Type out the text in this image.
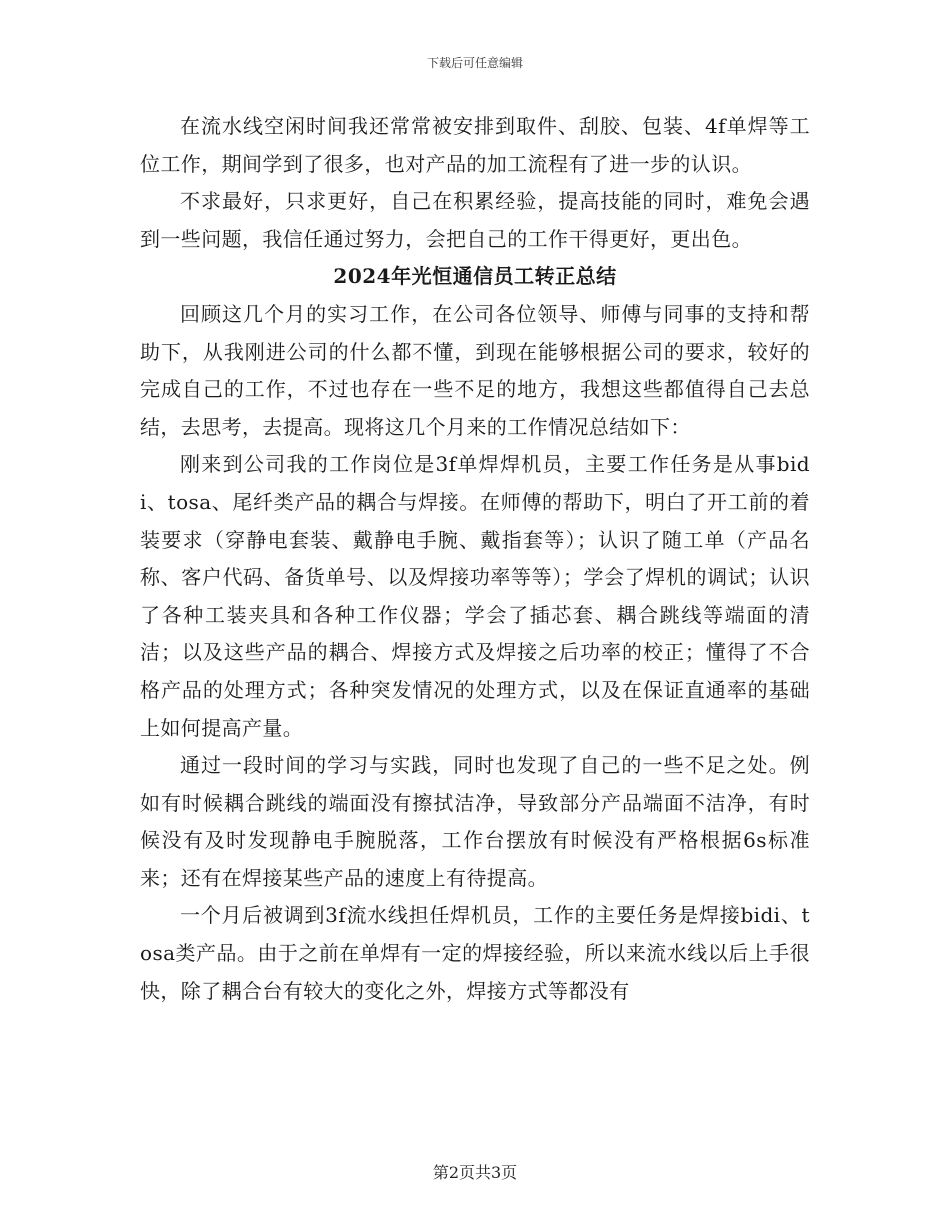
下载后可任意编辑

在流水线空闲时间我还常常被安排到取件、刮胶、包装、4f单焊等工位工作，期间学到了很多，也对产品的加工流程有了进一步的认识。

不求最好，只求更好，自己在积累经验，提高技能的同时，难免会遇到一些问题，我信任通过努力，会把自己的工作干得更好，更出色。

2024年光恒通信员工转正总结

回顾这几个月的实习工作，在公司各位领导、师傅与同事的支持和帮助下，从我刚进公司的什么都不懂，到现在能够根据公司的要求，较好的完成自己的工作，不过也存在一些不足的地方，我想这些都值得自己去总结，去思考，去提高。现将这几个月来的工作情况总结如下：

刚来到公司我的工作岗位是3f单焊焊机员，主要工作任务是从事bidi、tosa、尾纤类产品的耦合与焊接。在师傅的帮助下，明白了开工前的着装要求（穿静电套装、戴静电手腕、戴指套等）；认识了随工单（产品名称、客户代码、备货单号、以及焊接功率等等）；学会了焊机的调试；认识了各种工装夹具和各种工作仪器；学会了插芯套、耦合跳线等端面的清洁；以及这些产品的耦合、焊接方式及焊接之后功率的校正；懂得了不合格产品的处理方式；各种突发情况的处理方式，以及在保证直通率的基础上如何提高产量。

通过一段时间的学习与实践，同时也发现了自己的一些不足之处。例如有时候耦合跳线的端面没有擦拭洁净，导致部分产品端面不洁净，有时候没有及时发现静电手腕脱落，工作台摆放有时候没有严格根据6s标准来；还有在焊接某些产品的速度上有待提高。

一个月后被调到3f流水线担任焊机员，工作的主要任务是焊接bidi、tosa类产品。由于之前在单焊有一定的焊接经验，所以来流水线以后上手很快，除了耦合台有较大的变化之外，焊接方式等都没有

第2页共3页
